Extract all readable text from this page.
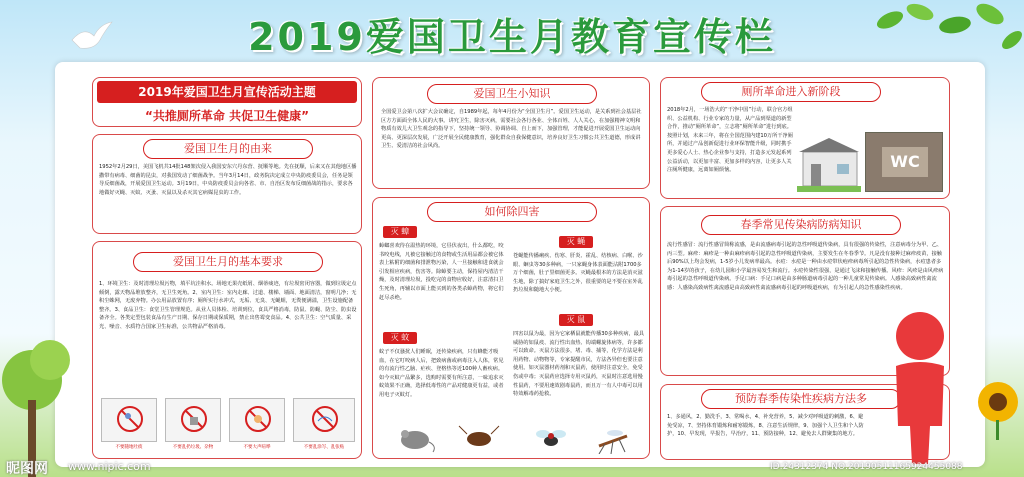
2019爱国卫生月教育宣传栏
2019年爱国卫生月宣传活动主题
“共推厕所革命 共促卫生健康”
爱国卫生月的由来
1952年2月29日，美国飞机共14批148架次侵入我国安东穴丹东营、抚顺等地。先在抚顺，后来又在其他地区播撒带有病毒、细菌的昆虫，对我国发动了细菌战争。当年3月14日，政务院决定成立中央防疫委员会，任务是领导反细菌战，开展爱国卫生运动。3月19日，中央防疫委员会向各省、市、自治区发布反细菌战的指示，要求各地做好灭蝇、灭蚊、灭蚤、灭鼠以及杀灭其它病媒昆虫的工作。
爱国卫生月的基本要求
1、环境卫生：及时清理垃圾污物，填平坑洼积水。场地无果壳纸屑、烟蒂痰迹，有垃圾密闭容器，做到垃圾定点倾倒，露天物品堆放整齐，无卫生死角。2、室内卫生：室内走廊、过道、楼梯、墙面、地面清洁，窗明几净；无积尘蛛网，无废弃物。办公用品放置有序；厕所实行水冲式，无垢、无臭、无蝇蛆，无粪便满溢，卫生设施配备整齐。3、食品卫生：食堂卫生管理规范。从业人员体检、培训到位，食具严格消毒，防鼠、防蝇、防尘、防虫设备齐全。各类定型包装食品有生产日期、保存日期或保质期，禁止出售霉变食品。4、公共卫生：空气质量、采光、噪音、水质符合国家卫生标准，公共物品严格消毒。
不要随地吐痰	不要乱扔垃圾、杂物	不要大声喧哗	不要乱涂写、乱张贴
爱国卫生小知识
全国爱卫会第八次扩大会议确定，自1989年起，每年4月份为“全国卫生月”。爱国卫生运动，是关系到社会基层社区方方面面全体人民的大事。讲究卫生，除害灭病，需要社会各行各业、全体百姓、人人关心，在加强精神文明和物质有效儿大卫生观念的指导下，坚持统一领导、协调协调、自上而下，加强管理，才能促进开展爱国卫生运动向更高、更深层次发展，广泛开展全民健康教育，强化群众自我保健意识，培养良好卫生习惯公共卫生道德，形成讲卫生、爱清洁的社会风尚。
如何除四害
灭 蟑
蟑螂喜欢待在温热的环境，它昼伏夜出，什么都吃，咬书咬电线，凡被它接触过的食物或生活用品都会被它体表上粘附的细菌和排泄物污染，人一旦接触和进食就会引发相应疾病，伤害等。除蟑要主动，保持屋内清洁干燥，及时清理垃圾，投吃完的食物应收好，注意清扫卫生死角，再辅以市面上能买到的各类杀蟑药物，将它们赶尽杀绝。
灭 蝇
苍蝇能传播痢疾、伤寒、肝炎、霍乱、结核病、白喉、沙眼、蛔虫等30多种病，一只家蝇身体表面能沾附1700多万个细菌，肚子里细菌更多。灭蝇最根本的方法是消灭滋生地，除了搞好家庭卫生之外，很重要的是不要在室外乱扔垃圾和随地大小便。
灭 蚊
蚊子不仅骚扰人们睡眠，还传染疾病，只有蜂能才吸血，在它叮咬病人后，把致病菌或病毒注入人体，常见的有流行性乙脑、疟疾、登格热等近100种人畜疾病。如今灭蚊产品繁多，选购时需要有所注意，一味追求灭蚊效果不正确，选择低毒性的产品对健康更有益，或者用电子灭蚊灯。
灭 鼠
四害以鼠为最，因为它家栖鼠就能传播30多种疾病，最具威胁的如鼠疫、流行性出血热、钩端螺旋体病等，许多都可以致命。灭鼠方法很多，堵、毒、捕等，化学方法是利用药物、动物物等，专家提醒市民，方法各异但也要注意使用。如灭鼠器材药剂和灭鼠药，使用时注意安全，免受伤或中毒；灭鼠药应选择专用灭鼠药，灭鼠时注意选用慢性鼠药，不要用速效剧毒鼠药，而且万一有人中毒可以用特效解毒药抢救。
厕所革命进入新阶段
2018年2月，一场浩大的“干净中国”行动，联合官方组织、公益机构、行业专家的力量，从产品到渠道的新型合作，推动“厕所革命”，立志将“厕所革命”进行到底。按照计划，未来三年，将在全国范围内建10万所干净厕所，并通过产品创新促进行业环保智能升级，同时携手更多爱心人士、热心企业参与支持，打造多元发起系列公益活动，以更加丰富、更加多样的内容，让更多人关注厕所健康，远离如厕烦恼。	WC
春季常见传染病防病知识
流行性感冒：流行性感冒简称流感，是由流感病毒引起的急性呼吸道传染病，具有很强的传染性，注意病毒分为甲、乙、丙三型。麻疹：麻疹是一种由麻疹病毒引起的急性呼吸道传染病，主要发生在冬春季节。凡是没有接种过麻疹疫苗，接触后90%以上均会发病，1-5岁小儿发病率最高。水痘：水痘是一种由水痘带状疱疹病毒所引起的急性传染病，水痘患者多为1-14岁的孩子，在幼儿园和小学最容易发生和流行。水痘传染性很强，是通过飞沫和接触传播。风疹：风疹是由风疹病毒引起的急性呼吸道传染病。手足口病：手足口病是由多种肠道病毒引起的一种儿童常见传染病。人感染高致病性禽流感：人感染高致病性禽流感是由高致病性禽流感病毒引起的呼吸道疾病，有为引起人的急性感染性疾病。
预防春季传染性疾病方法多
1、多通风，2、勤洗手，3、常喝水，4、补充营养，5、减少对呼吸道的刺激，6、避免受凉，7、坚持体育锻炼和耐寒锻炼，8、注意生活规律，9、加强个人卫生和个人防护，10、早发现，早报告，早治疗，11、预防接种，12、避免去人群聚集的地方。
昵图网 www.nipic.com	ID:24312374 NO:20190511165924455088
